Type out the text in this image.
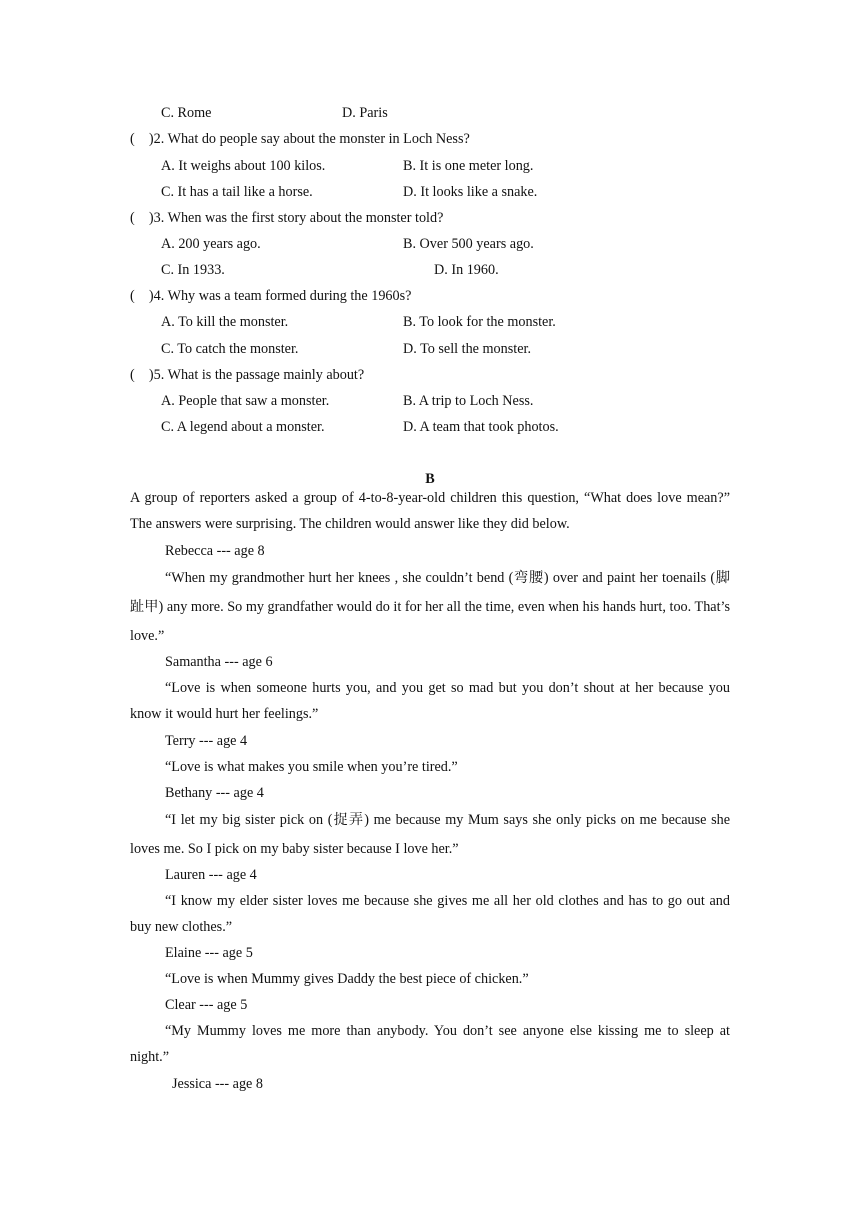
C. Rome	D. Paris
(    )2. What do people say about the monster in Loch Ness?
A. It weighs about 100 kilos.	B. It is one meter long.
C. It has a tail like a horse.	D. It looks like a snake.
(    )3. When was the first story about the monster told?
A. 200 years ago.	B. Over 500 years ago.
C. In 1933.	D. In 1960.
(    )4. Why was a team formed during the 1960s?
A. To kill the monster.	B. To look for the monster.
C. To catch the monster.	D. To sell the monster.
(    )5. What is the passage mainly about?
A. People that saw a monster.	B. A trip to Loch Ness.
C. A legend about a monster.	D. A team that took photos.
B
A group of reporters asked a group of 4-to-8-year-old children this question, “What does love mean?” The answers were surprising. The children would answer like they did below.
Rebecca --- age 8
“When my grandmother hurt her knees , she couldn’t bend (弯腰) over and paint her toenails (脚趾甲) any more. So my grandfather would do it for her all the time, even when his hands hurt, too. That’s love.”
Samantha --- age 6
“Love is when someone hurts you, and you get so mad but you don’t shout at her because you know it would hurt her feelings.”
Terry --- age 4
“Love is what makes you smile when you’re tired.”
Bethany --- age 4
“I let my big sister pick on (捉弄) me because my Mum says she only picks on me because she loves me. So I pick on my baby sister because I love her.”
Lauren --- age 4
“I know my elder sister loves me because she gives me all her old clothes and has to go out and buy new clothes.”
Elaine --- age 5
“Love is when Mummy gives Daddy the best piece of chicken.”
Clear --- age 5
“My Mummy loves me more than anybody. You don’t see anyone else kissing me to sleep at night.”
Jessica --- age 8
